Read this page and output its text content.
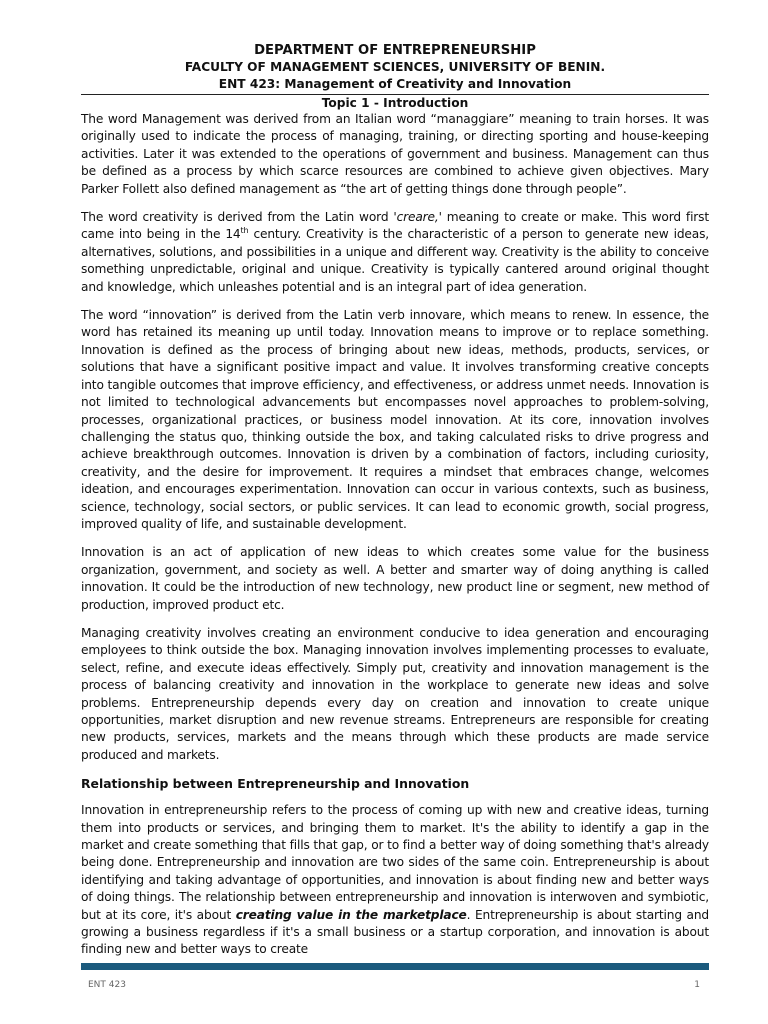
DEPARTMENT OF ENTREPRENEURSHIP
FACULTY OF MANAGEMENT SCIENCES, UNIVERSITY OF BENIN.
ENT 423: Management of Creativity and Innovation
Topic 1 - Introduction

The word Management was derived from an Italian word “managgiare” meaning to train horses. It was originally used to indicate the process of managing, training, or directing sporting and house-keeping activities. Later it was extended to the operations of government and business. Management can thus be defined as a process by which scarce resources are combined to achieve given objectives. Mary Parker Follett also defined management as “the art of getting things done through people”.

The word creativity is derived from the Latin word 'creare,' meaning to create or make. This word first came into being in the 14th century. Creativity is the characteristic of a person to generate new ideas, alternatives, solutions, and possibilities in a unique and different way. Creativity is the ability to conceive something unpredictable, original and unique. Creativity is typically cantered around original thought and knowledge, which unleashes potential and is an integral part of idea generation.

The word “innovation” is derived from the Latin verb innovare, which means to renew. In essence, the word has retained its meaning up until today. Innovation means to improve or to replace something. Innovation is defined as the process of bringing about new ideas, methods, products, services, or solutions that have a significant positive impact and value. It involves transforming creative concepts into tangible outcomes that improve efficiency, and effectiveness, or address unmet needs. Innovation is not limited to technological advancements but encompasses novel approaches to problem-solving, processes, organizational practices, or business model innovation. At its core, innovation involves challenging the status quo, thinking outside the box, and taking calculated risks to drive progress and achieve breakthrough outcomes. Innovation is driven by a combination of factors, including curiosity, creativity, and the desire for improvement. It requires a mindset that embraces change, welcomes ideation, and encourages experimentation. Innovation can occur in various contexts, such as business, science, technology, social sectors, or public services. It can lead to economic growth, social progress, improved quality of life, and sustainable development.

Innovation is an act of application of new ideas to which creates some value for the business organization, government, and society as well. A better and smarter way of doing anything is called innovation. It could be the introduction of new technology, new product line or segment, new method of production, improved product etc.

Managing creativity involves creating an environment conducive to idea generation and encouraging employees to think outside the box. Managing innovation involves implementing processes to evaluate, select, refine, and execute ideas effectively. Simply put, creativity and innovation management is the process of balancing creativity and innovation in the workplace to generate new ideas and solve problems. Entrepreneurship depends every day on creation and innovation to create unique opportunities, market disruption and new revenue streams. Entrepreneurs are responsible for creating new products, services, markets and the means through which these products are made service produced and markets.

Relationship between Entrepreneurship and Innovation

Innovation in entrepreneurship refers to the process of coming up with new and creative ideas, turning them into products or services, and bringing them to market. It's the ability to identify a gap in the market and create something that fills that gap, or to find a better way of doing something that's already being done. Entrepreneurship and innovation are two sides of the same coin. Entrepreneurship is about identifying and taking advantage of opportunities, and innovation is about finding new and better ways of doing things. The relationship between entrepreneurship and innovation is interwoven and symbiotic, but at its core, it's about creating value in the marketplace. Entrepreneurship is about starting and growing a business regardless if it's a small business or a startup corporation, and innovation is about finding new and better ways to create

ENT 423	1
